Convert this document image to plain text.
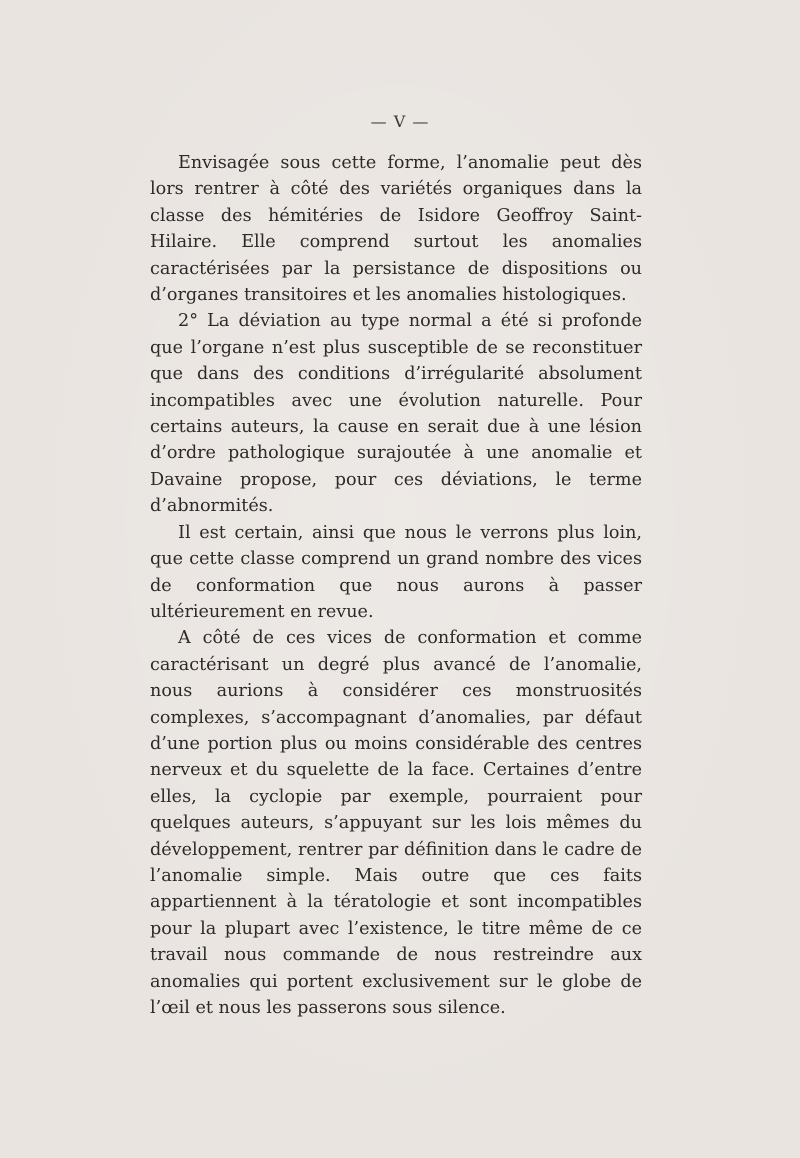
— V —

Envisagée sous cette forme, l’anomalie peut dès lors rentrer à côté des variétés organiques dans la classe des hémitéries de Isidore Geoffroy Saint-Hilaire. Elle comprend surtout les anomalies caractérisées par la persistance de dispositions ou d’organes transitoires et les anomalies histologiques.

2° La déviation au type normal a été si profonde que l’organe n’est plus susceptible de se reconstituer que dans des conditions d’irrégularité absolument incompatibles avec une évolution naturelle. Pour certains auteurs, la cause en serait due à une lésion d’ordre pathologique surajoutée à une anomalie et Davaine propose, pour ces déviations, le terme d’abnormités.

Il est certain, ainsi que nous le verrons plus loin, que cette classe comprend un grand nombre des vices de conformation que nous aurons à passer ultérieurement en revue.

A côté de ces vices de conformation et comme caractérisant un degré plus avancé de l’anomalie, nous aurions à considérer ces monstruosités complexes, s’accompagnant d’anomalies, par défaut d’une portion plus ou moins considérable des centres nerveux et du squelette de la face. Certaines d’entre elles, la cyclopie par exemple, pourraient pour quelques auteurs, s’appuyant sur les lois mêmes du développement, rentrer par définition dans le cadre de l’anomalie simple. Mais outre que ces faits appartiennent à la tératologie et sont incompatibles pour la plupart avec l’existence, le titre même de ce travail nous commande de nous restreindre aux anomalies qui portent exclusivement sur le globe de l’œil et nous les passerons sous silence.
